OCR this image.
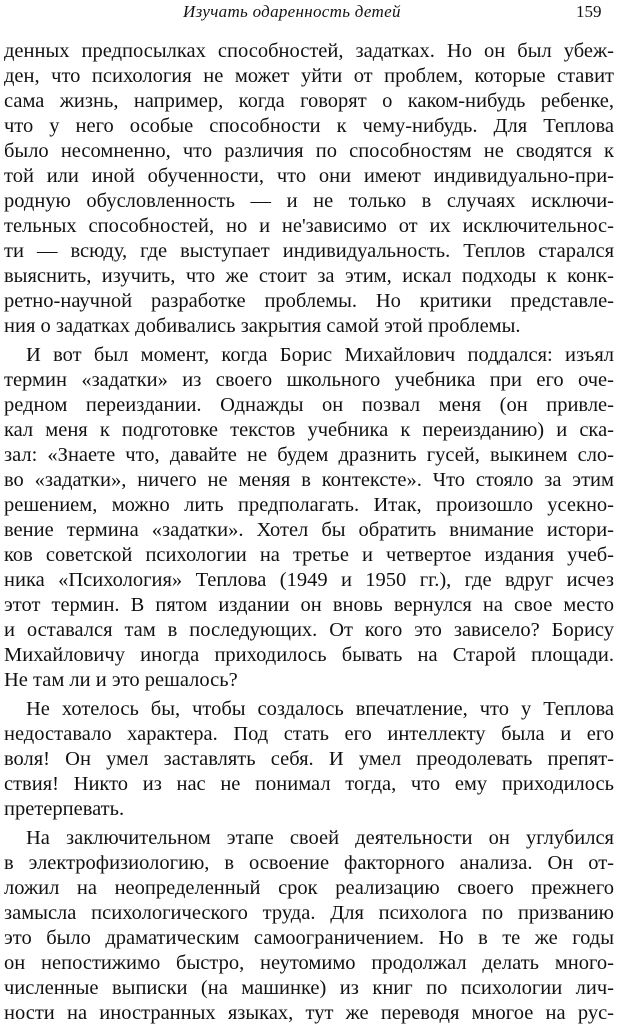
Изучать одаренность детей	159
денных предпосылках способностей, задатках. Но он был убеж-
ден, что психология не может уйти от проблем, которые ставит
сама жизнь, например, когда говорят о каком-нибудь ребенке,
что у него особые способности к чему-нибудь. Для Теплова
было несомненно, что различия по способностям не сводятся к
той или иной обученности, что они имеют индивидуально-при-
родную обусловленность — и не только в случаях исключи-
тельных способностей, но и не'зависимо от их исключительнос-
ти — всюду, где выступает индивидуальность. Теплов старался
выяснить, изучить, что же стоит за этим, искал подходы к конк-
ретно-научной разработке проблемы. Но критики представле-
ния о задатках добивались закрытия самой этой проблемы.
И вот был момент, когда Борис Михайлович поддался: изъял
термин «задатки» из своего школьного учебника при его оче-
редном переиздании. Однажды он позвал меня (он привле-
кал меня к подготовке текстов учебника к переизданию) и ска-
зал: «Знаете что, давайте не будем дразнить гусей, выкинем сло-
во «задатки», ничего не меняя в контексте». Что стояло за этим
решением, можно лить предполагать. Итак, произошло усекно-
вение термина «задатки». Хотел бы обратить внимание истори-
ков советской психологии на третье и четвертое издания учеб-
ника «Психология» Теплова (1949 и 1950 гг.), где вдруг исчез
этот термин. В пятом издании он вновь вернулся на свое место
и оставался там в последующих. От кого это зависело? Борису
Михайловичу иногда приходилось бывать на Старой площади.
Не там ли и это решалось?
Не хотелось бы, чтобы создалось впечатление, что у Теплова
недоставало характера. Под стать его интеллекту была и его
воля! Он умел заставлять себя. И умел преодолевать препят-
ствия! Никто из нас не понимал тогда, что ему приходилось
претерпевать.
На заключительном этапе своей деятельности он углубился
в электрофизиологию, в освоение факторного анализа. Он от-
ложил на неопределенный срок реализацию своего прежнего
замысла психологического труда. Для психолога по призванию
это было драматическим самоограничением. Но в те же годы
он непостижимо быстро, неутомимо продолжал делать много-
численные выписки (на машинке) из книг по психологии лич-
ности на иностранных языках, тут же переводя многое на рус-
